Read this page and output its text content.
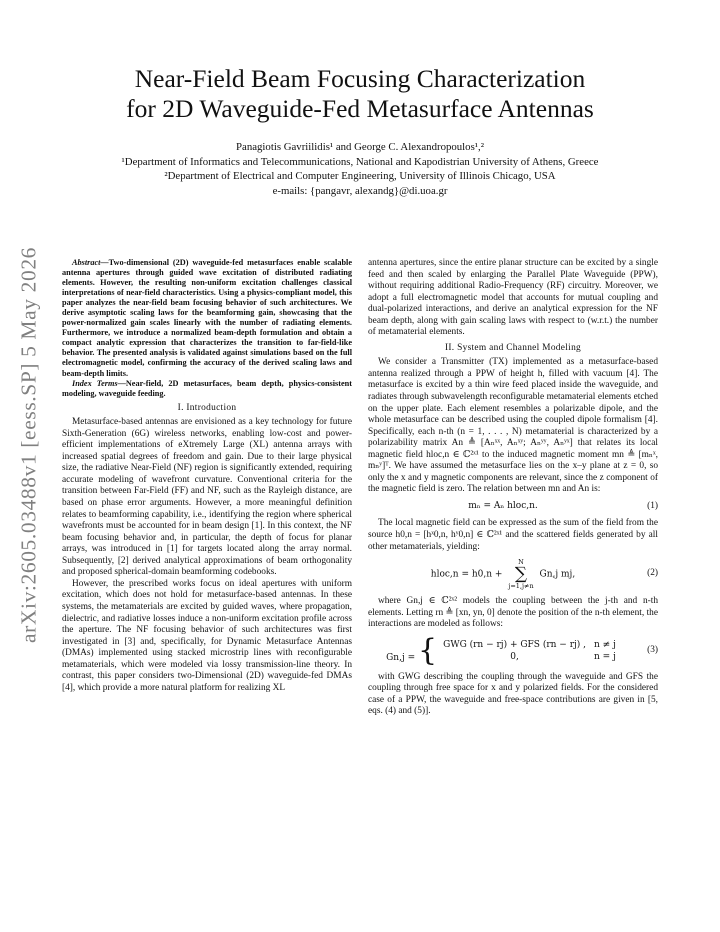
arXiv:2605.03488v1 [eess.SP] 5 May 2026
Near-Field Beam Focusing Characterization
for 2D Waveguide-Fed Metasurface Antennas
Panagiotis Gavriilidis¹ and George C. Alexandropoulos¹,²
¹Department of Informatics and Telecommunications, National and Kapodistrian University of Athens, Greece
²Department of Electrical and Computer Engineering, University of Illinois Chicago, USA
e-mails: {pangavr, alexandg}@di.uoa.gr

Abstract—Two-dimensional (2D) waveguide-fed metasurfaces enable scalable antenna apertures through guided wave excitation of distributed radiating elements. However, the resulting non-uniform excitation challenges classical interpretations of near-field characteristics. Using a physics-compliant model, this paper analyzes the near-field beam focusing behavior of such architectures. We derive asymptotic scaling laws for the beamforming gain, showcasing that the power-normalized gain scales linearly with the number of radiating elements. Furthermore, we introduce a normalized beam-depth formulation and obtain a compact analytic expression that characterizes the transition to far-field-like behavior. The presented analysis is validated against simulations based on the full electromagnetic model, confirming the accuracy of the derived scaling laws and beam-depth limits.

Index Terms—Near-field, 2D metasurfaces, beam depth, physics-consistent modeling, waveguide feeding.

I. Introduction

Metasurface-based antennas are envisioned as a key technology for future Sixth-Generation (6G) wireless networks, enabling low-cost and power-efficient implementations of eXtremely Large (XL) antenna arrays with increased spatial degrees of freedom and gain. Due to their large physical size, the radiative Near-Field (NF) region is significantly extended, requiring accurate modeling of wavefront curvature. Conventional criteria for the transition between Far-Field (FF) and NF, such as the Rayleigh distance, are based on phase error arguments. However, a more meaningful definition relates to beamforming capability, i.e., identifying the region where spherical wavefronts must be accounted for in beam design [1]. In this context, the NF beam focusing behavior and, in particular, the depth of focus for planar arrays, was introduced in [1] for targets located along the array normal. Subsequently, [2] derived analytical approximations of beam orthogonality and proposed spherical-domain beamforming codebooks.

However, the prescribed works focus on ideal apertures with uniform excitation, which does not hold for metasurface-based antennas. In these systems, the metamaterials are excited by guided waves, where propagation, dielectric, and radiative losses induce a non-uniform excitation profile across the aperture. The NF focusing behavior of such architectures was first investigated in [3] and, specifically, for Dynamic Metasurface Antennas (DMAs) implemented using stacked microstrip lines with reconfigurable metamaterials, which were modeled via lossy transmission-line theory. In contrast, this paper considers two-Dimensional (2D) waveguide-fed DMAs [4], which provide a more natural platform for realizing XL

antenna apertures, since the entire planar structure can be excited by a single feed and then scaled by enlarging the Parallel Plate Waveguide (PPW), without requiring additional Radio-Frequency (RF) circuitry. Moreover, we adopt a full electromagnetic model that accounts for mutual coupling and dual-polarized interactions, and derive an analytical expression for the NF beam depth, along with gain scaling laws with respect to (w.r.t.) the number of metamaterial elements.

II. System and Channel Modeling

We consider a Transmitter (TX) implemented as a metasurface-based antenna realized through a PPW of height h, filled with vacuum [4]. The metasurface is excited by a thin wire feed placed inside the waveguide, and radiates through subwavelength reconfigurable metamaterial elements etched on the upper plate. Each element resembles a polarizable dipole, and the whole metasurface can be described using the coupled dipole formalism [4]. Specifically, each n-th (n = 1, . . . , N) metamaterial is characterized by a polarizability matrix An ≜ [Aₙˣˣ, Aₙˣʸ; Aₙʸʸ, Aₙʸˣ] that relates its local magnetic field hloc,n ∈ ℂ²ˣ¹ to the induced magnetic moment mn ≜ [mₙˣ, mₙʸ]ᵀ. We have assumed the metasurface lies on the x–y plane at z = 0, so only the x and y magnetic components are relevant, since the z component of the magnetic field is zero. The relation between mn and An is:

mₙ = Aₙ hloc,n.	(1)

The local magnetic field can be expressed as the sum of the field from the source h0,n = [hˣ0,n, hʸ0,n] ∈ ℂ²ˣ¹ and the scattered fields generated by all other metamaterials, yielding:

hloc,n = h0,n +
N
∑
j=1,j≠n
Gn,j mj,	(2)

where Gn,j ∈ ℂ²ˣ² models the coupling between the j-th and n-th elements. Letting rn ≜ [xn, yn, 0] denote the position of the n-th element, the interactions are modeled as follows:

Gn,j = { GWG (rn − rj) + GFS (rn − rj) ,	n ≠ j
0,	n = j
(3)

with GWG describing the coupling through the waveguide and GFS the coupling through free space for x and y polarized fields. For the considered case of a PPW, the waveguide and free-space contributions are given in [5, eqs. (4) and (5)].
